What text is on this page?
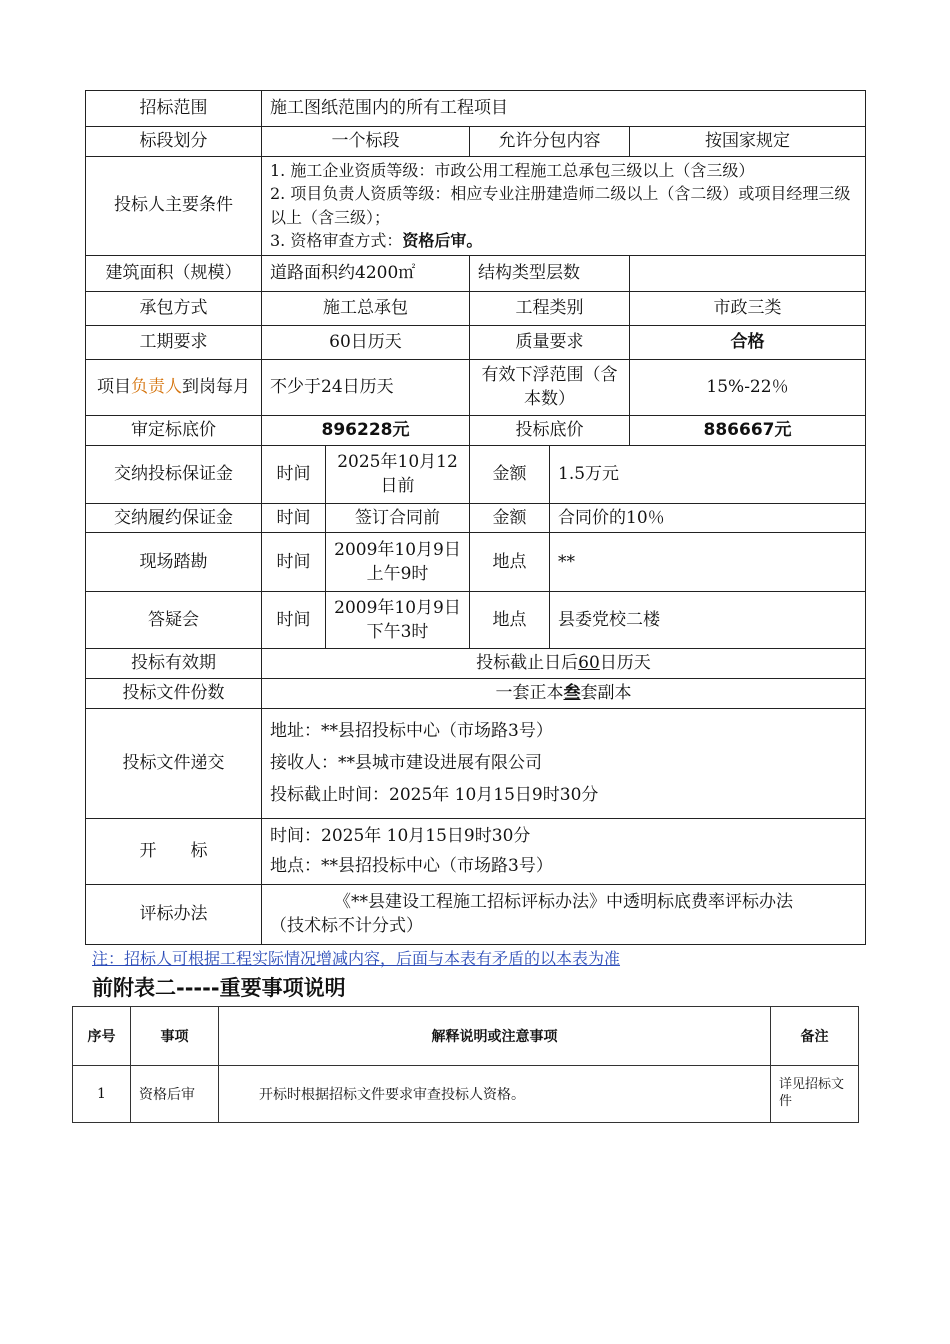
招标范围	施工图纸范围内的所有工程项目				
标段划分	一个标段		允许分包内容		按国家规定
投标人主要条件	1. 施工企业资质等级：市政公用工程施工总承包三级以上（含三级）

2. 项目负责人资质等级：相应专业注册建造师二级以上（含二级）或项目经理三级以上（含三级）；

3. 资格审查方式：资格后审。				

建筑面积（规模）	道路面积约4200㎡		结构类型层数		
承包方式	施工总承包		工程类别		市政三类
工期要求	60日历天		质量要求		合格
项目负责人到岗每月	不少于24日历天		有效下浮范围（含本数）		15%-22％
审定标底价	896228元		投标底价		886667元
交纳投标保证金	时间	2025年10月12日前	金额	1.5万元	
交纳履约保证金	时间	签订合同前	金额	合同价的10％	
现场踏勘	时间	2009年10月9日上午9时	地点	**	
答疑会	时间	2009年10月9日下午3时	地点	县委党校二楼	
投标有效期	投标截止日后60日历天				
投标文件份数	一套正本叁套副本				
投标文件递交	地址：**县招投标中心（市场路3号）

接收人：**县城市建设进展有限公司

投标截止时间：2025年 10月15日9时30分				

开　　标	时间：2025年 10月15日9时30分

地点：**县招投标中心（市场路3号）				

评标办法	《**县建设工程施工招标评标办法》中透明标底费率评标办法

（技术标不计分式）				

注：招标人可根据工程实际情况增减内容，后面与本表有矛盾的以本表为准
前附表二-----重要事项说明
序号	事项	解释说明或注意事项	备注
1	资格后审	开标时根据招标文件要求审查投标人资格。	详见招标文件
